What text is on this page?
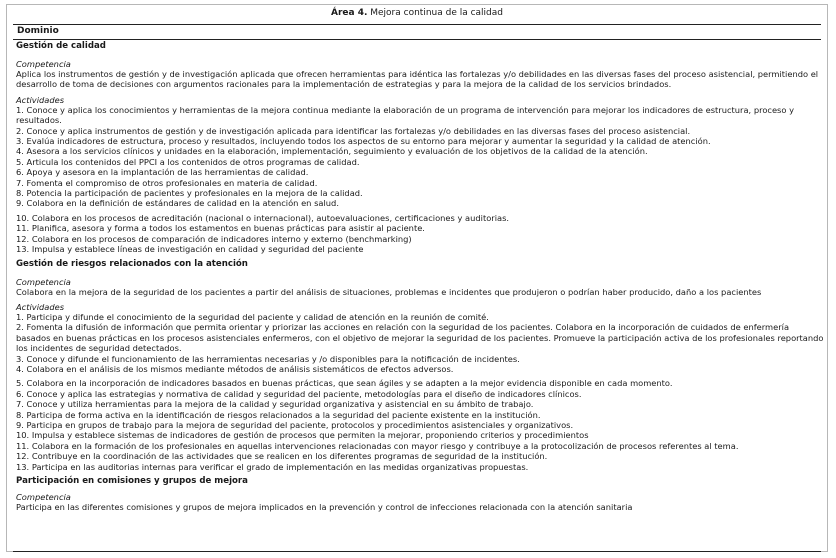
Área 4. Mejora continua de la calidad
Dominio
Gestión de calidad
Competencia
Aplica los instrumentos de gestión y de investigación aplicada que ofrecen herramientas para idéntica las fortalezas y/o debilidades en las diversas fases del proceso asistencial, permitiendo el desarrollo de toma de decisiones con argumentos racionales para la implementación de estrategias y para la mejora de la calidad de los servicios brindados.
Actividades
1. Conoce y aplica los conocimientos y herramientas de la mejora continua mediante la elaboración de un programa de intervención para mejorar los indicadores de estructura, proceso y resultados.
2. Conoce y aplica instrumentos de gestión y de investigación aplicada para identificar las fortalezas y/o debilidades en las diversas fases del proceso asistencial.
3. Evalúa indicadores de estructura, proceso y resultados, incluyendo todos los aspectos de su entorno para mejorar y aumentar la seguridad y la calidad de atención.
4. Asesora a los servicios clínicos y unidades en la elaboración, implementación, seguimiento y evaluación de los objetivos de la calidad de la atención.
5. Articula los contenidos del PPCI a los contenidos de otros programas de calidad.
6. Apoya y asesora en la implantación de las herramientas de calidad.
7. Fomenta el compromiso de otros profesionales en materia de calidad.
8. Potencia la participación de pacientes y profesionales en la mejora de la calidad.
9. Colabora en la definición de estándares de calidad en la atención en salud.
10. Colabora en los procesos de acreditación (nacional o internacional), autoevaluaciones, certificaciones y auditorias.
11. Planifica, asesora y forma a todos los estamentos en buenas prácticas para asistir al paciente.
12. Colabora en los procesos de comparación de indicadores interno y externo (benchmarking)
13. Impulsa y establece líneas de investigación en calidad y seguridad del paciente
Gestión de riesgos relacionados con la atención
Competencia
Colabora en la mejora de la seguridad de los pacientes a partir del análisis de situaciones, problemas e incidentes que produjeron o podrían haber producido, daño a los pacientes
Actividades
1. Participa y difunde el conocimiento de la seguridad del paciente y calidad de atención en la reunión de comité.
2. Fomenta la difusión de información que permita orientar y priorizar las acciones en relación con la seguridad de los pacientes. Colabora en la incorporación de cuidados de enfermería basados en buenas prácticas en los procesos asistenciales enfermeros, con el objetivo de mejorar la seguridad de los pacientes. Promueve la participación activa de los profesionales reportando los incidentes de seguridad detectados.
3. Conoce y difunde el funcionamiento de las herramientas necesarias y /o disponibles para la notificación de incidentes.
4. Colabora en el análisis de los mismos mediante métodos de análisis sistemáticos de efectos adversos.
5. Colabora en la incorporación de indicadores basados en buenas prácticas, que sean ágiles y se adapten a la mejor evidencia disponible en cada momento.
6. Conoce y aplica las estrategias y normativa de calidad y seguridad del paciente, metodologías para el diseño de indicadores clínicos.
7. Conoce y utiliza herramientas para la mejora de la calidad y seguridad organizativa y asistencial en su ámbito de trabajo.
8. Participa de forma activa en la identificación de riesgos relacionados a la seguridad del paciente existente en la institución.
9. Participa en grupos de trabajo para la mejora de seguridad del paciente, protocolos y procedimientos asistenciales y organizativos.
10. Impulsa y establece sistemas de indicadores de gestión de procesos que permiten la mejorar, proponiendo criterios y procedimientos
11. Colabora en la formación de los profesionales en aquellas intervenciones relacionadas con mayor riesgo y contribuye a la protocolización de procesos referentes al tema.
12. Contribuye en la coordinación de las actividades que se realicen en los diferentes programas de seguridad de la institución.
13. Participa en las auditorias internas para verificar el grado de implementación en las medidas organizativas propuestas.
Participación en comisiones y grupos de mejora
Competencia
Participa en las diferentes comisiones y grupos de mejora implicados en la prevención y control de infecciones relacionada con la atención sanitaria
